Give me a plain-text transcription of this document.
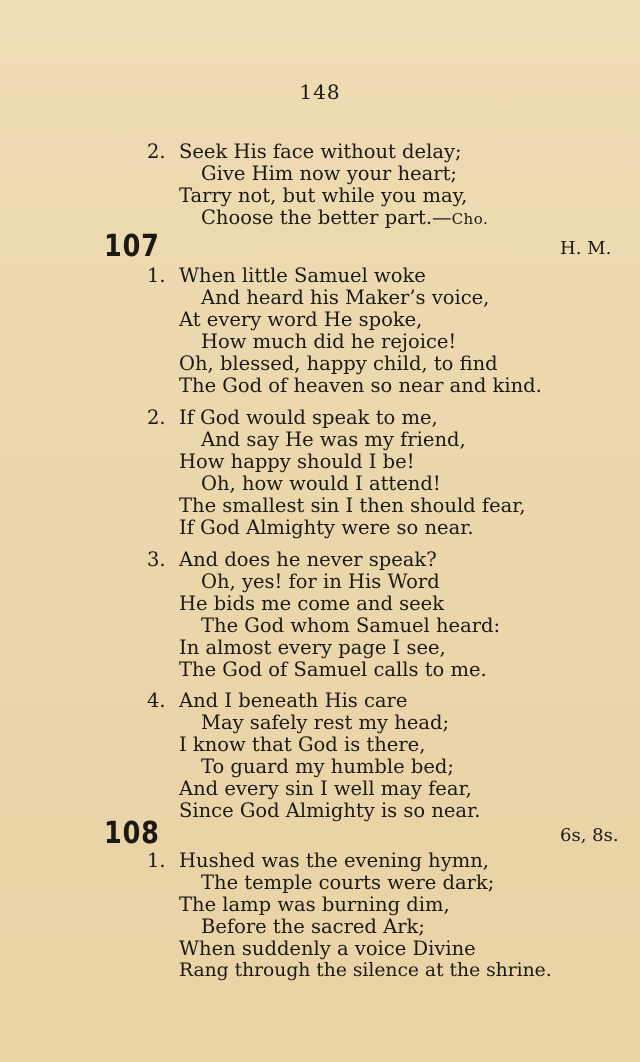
148
2. Seek His face without delay;
Give Him now your heart;
Tarry not, but while you may,
Choose the better part.—Cho.
107	H. M.
1. When little Samuel woke
And heard his Maker’s voice,
At every word He spoke,
How much did he rejoice!
Oh, blessed, happy child, to find
The God of heaven so near and kind.
2. If God would speak to me,
And say He was my friend,
How happy should I be!
Oh, how would I attend!
The smallest sin I then should fear,
If God Almighty were so near.
3. And does he never speak?
Oh, yes! for in His Word
He bids me come and seek
The God whom Samuel heard:
In almost every page I see,
The God of Samuel calls to me.
4. And I beneath His care
May safely rest my head;
I know that God is there,
To guard my humble bed;
And every sin I well may fear,
Since God Almighty is so near.
108	6s, 8s.
1. Hushed was the evening hymn,
The temple courts were dark;
The lamp was burning dim,
Before the sacred Ark;
When suddenly a voice Divine
Rang through the silence at the shrine.
